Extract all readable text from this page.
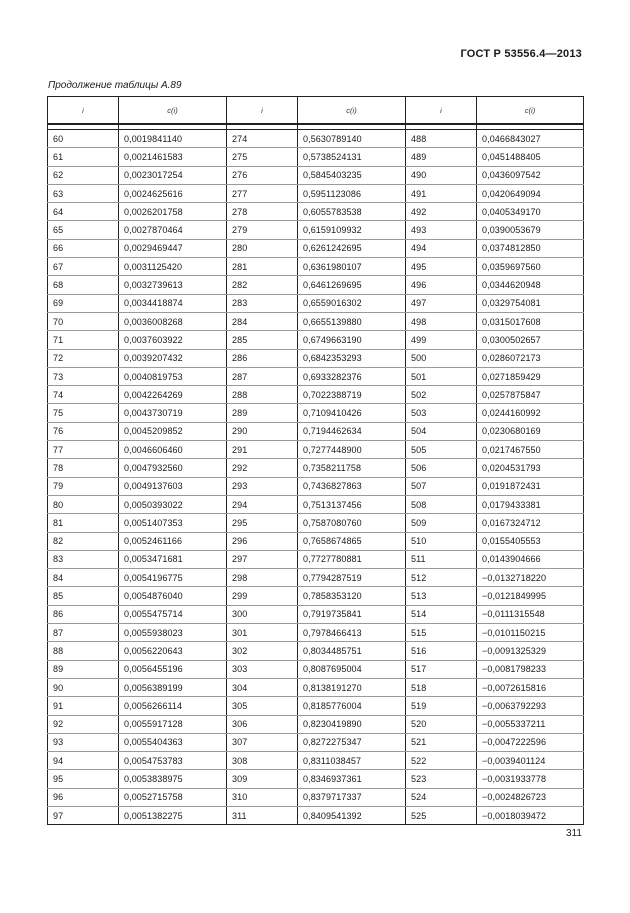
ГОСТ Р 53556.4—2013
Продолжение таблицы А.89
i	c(i)	i	c(i)	i	c(i)

60	0,0019841140	274	0,5630789140	488	0,0466843027
61	0,0021461583	275	0,5738524131	489	0,0451488405
62	0,0023017254	276	0,5845403235	490	0,0436097542
63	0,0024625616	277	0,5951123086	491	0,0420649094
64	0,0026201758	278	0,6055783538	492	0,0405349170
65	0,0027870464	279	0,6159109932	493	0,0390053679
66	0,0029469447	280	0,6261242695	494	0,0374812850
67	0,0031125420	281	0,6361980107	495	0,0359697560
68	0,0032739613	282	0,6461269695	496	0,0344620948
69	0,0034418874	283	0,6559016302	497	0,0329754081
70	0,0036008268	284	0,6655139880	498	0,0315017608
71	0,0037603922	285	0,6749663190	499	0,0300502657
72	0,0039207432	286	0,6842353293	500	0,0286072173
73	0,0040819753	287	0,6933282376	501	0,0271859429
74	0,0042264269	288	0,7022388719	502	0,0257875847
75	0,0043730719	289	0,7109410426	503	0,0244160992
76	0,0045209852	290	0,7194462634	504	0,0230680169
77	0,0046606460	291	0,7277448900	505	0,0217467550
78	0,0047932560	292	0,7358211758	506	0,0204531793
79	0,0049137603	293	0,7436827863	507	0,0191872431
80	0,0050393022	294	0,7513137456	508	0,0179433381
81	0,0051407353	295	0,7587080760	509	0,0167324712
82	0,0052461166	296	0,7658674865	510	0,0155405553
83	0,0053471681	297	0,7727780881	511	0,0143904666
84	0,0054196775	298	0,7794287519	512	−0,0132718220
85	0,0054876040	299	0,7858353120	513	−0,0121849995
86	0,0055475714	300	0,7919735841	514	−0,0111315548
87	0,0055938023	301	0,7978466413	515	−0,0101150215
88	0,0056220643	302	0,8034485751	516	−0,0091325329
89	0,0056455196	303	0,8087695004	517	−0,0081798233
90	0,0056389199	304	0,8138191270	518	−0,0072615816
91	0,0056266114	305	0,8185776004	519	−0,0063792293
92	0,0055917128	306	0,8230419890	520	−0,0055337211
93	0,0055404363	307	0,8272275347	521	−0,0047222596
94	0,0054753783	308	0,8311038457	522	−0,0039401124
95	0,0053838975	309	0,8346937361	523	−0,0031933778
96	0,0052715758	310	0,8379717337	524	−0,0024826723
97	0,0051382275	311	0,8409541392	525	−0,0018039472
311
